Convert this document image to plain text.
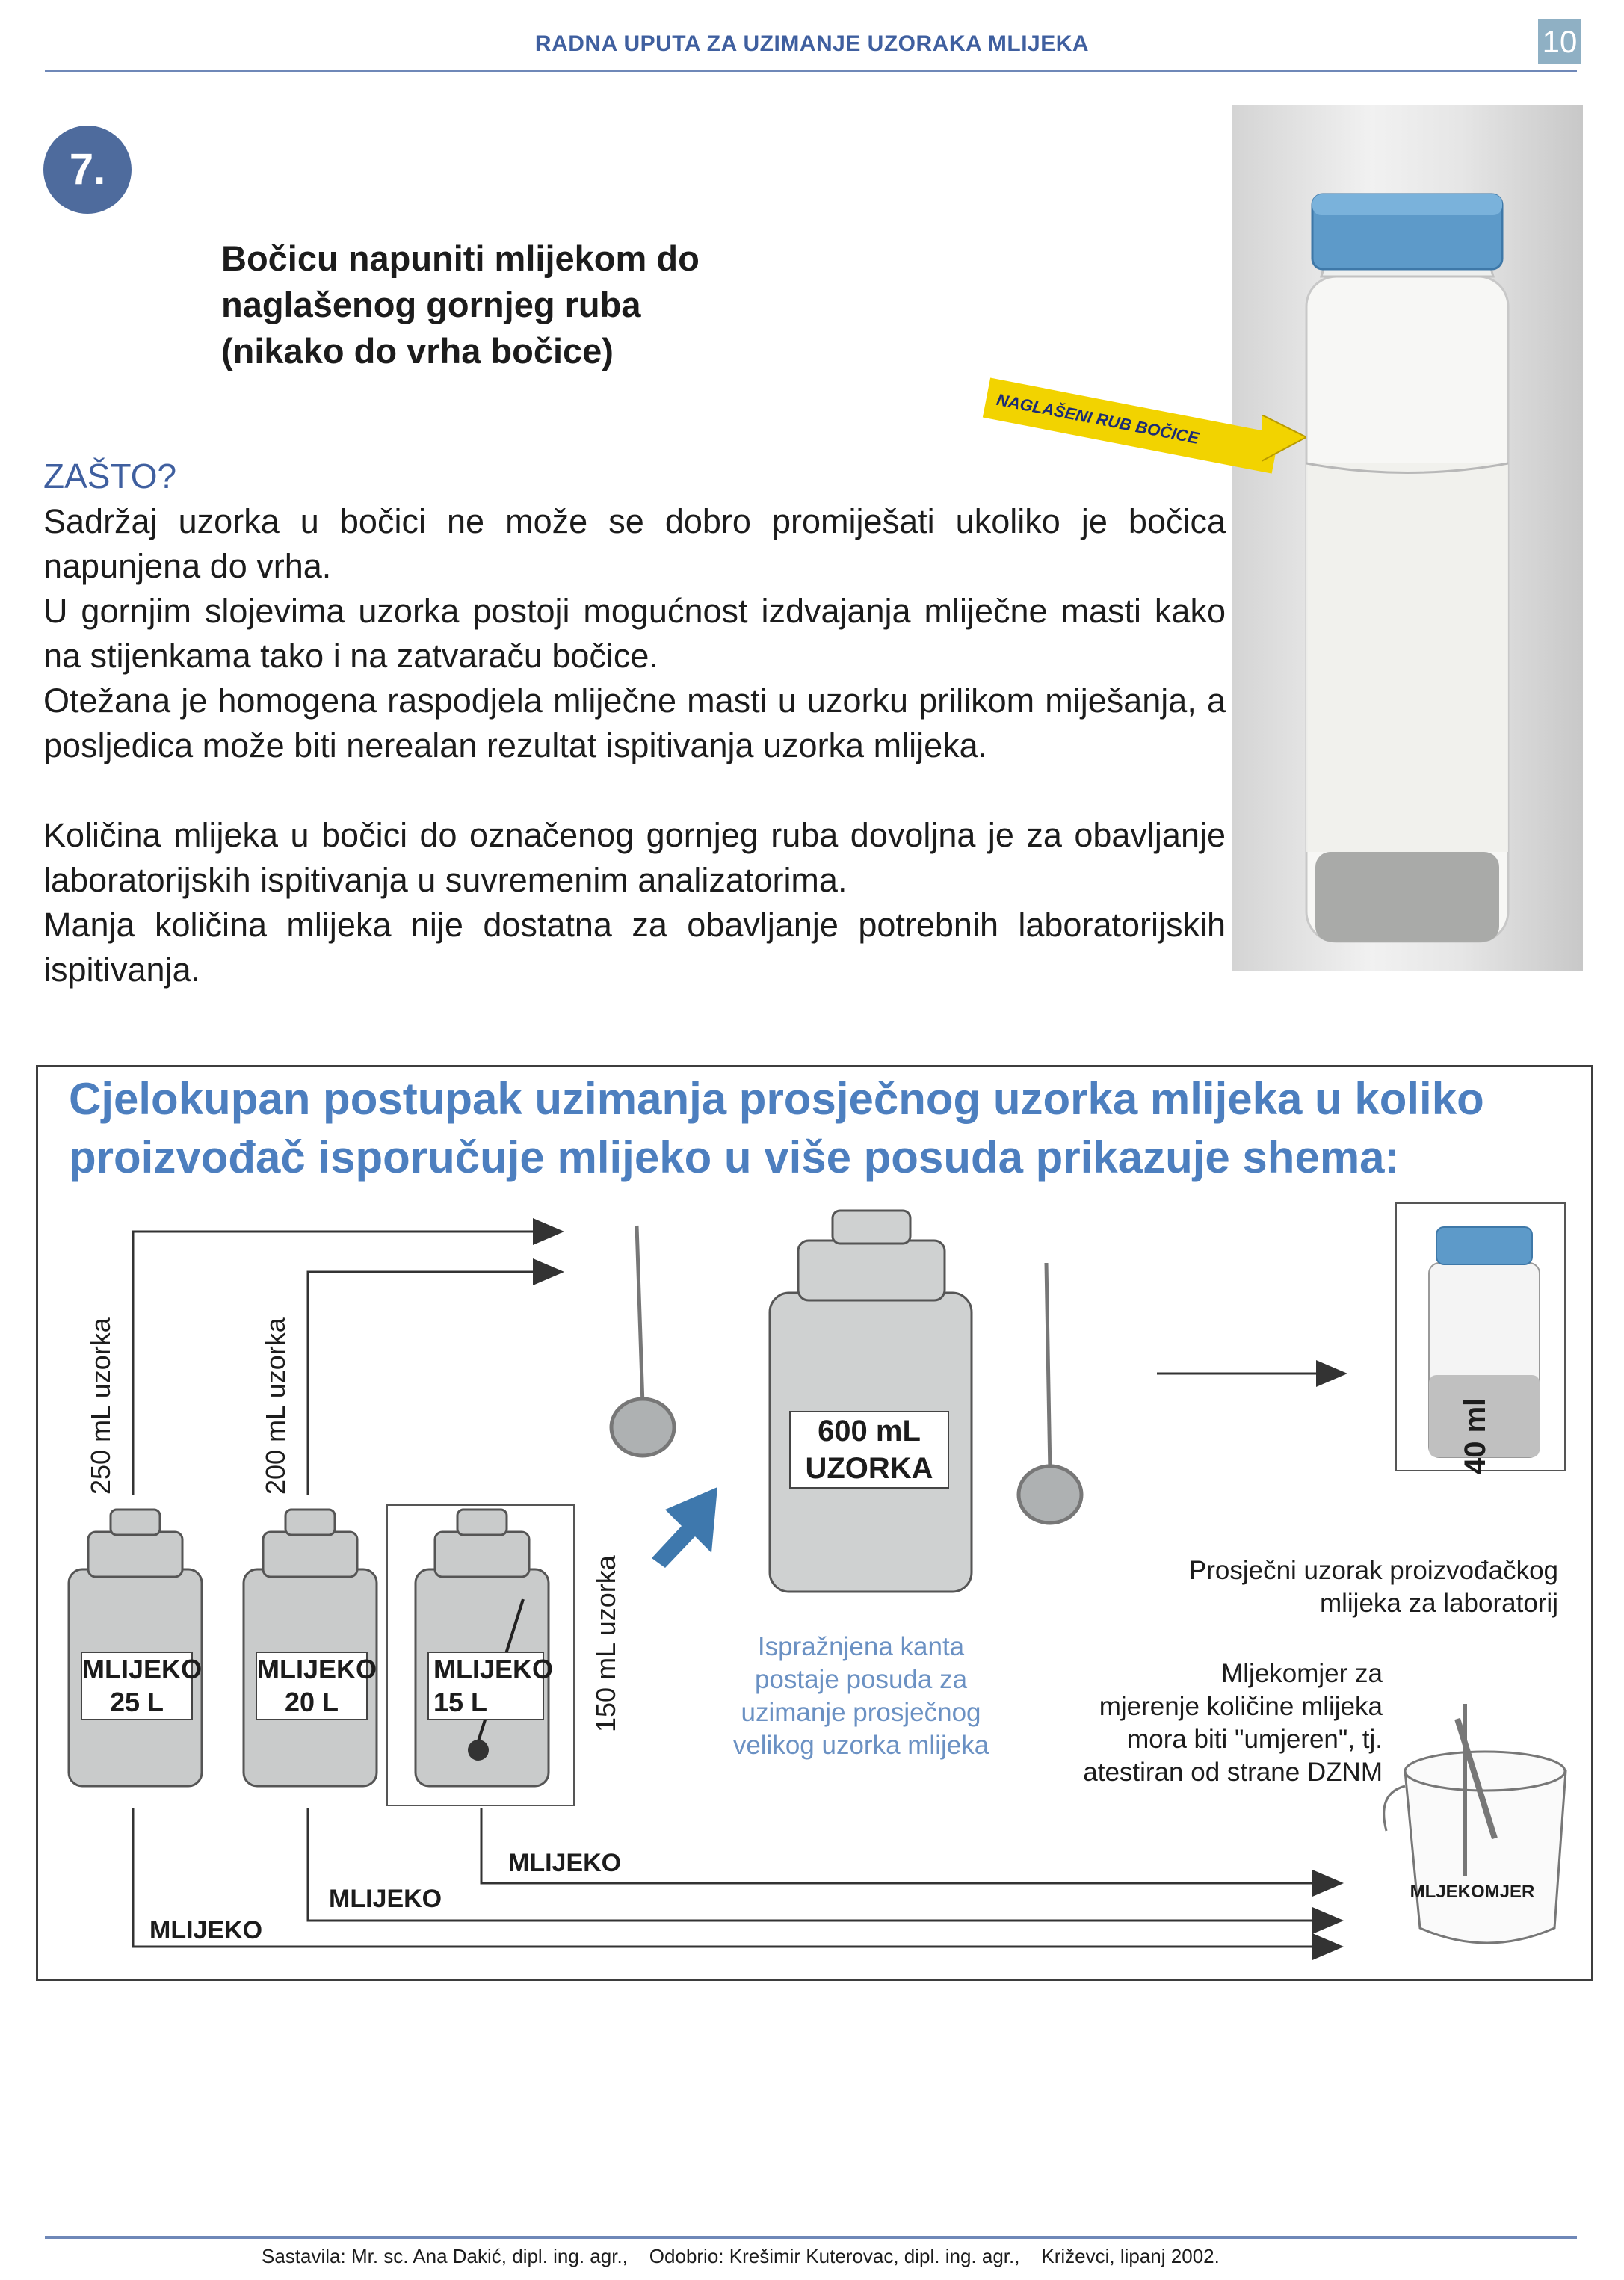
RADNA UPUTA ZA UZIMANJE UZORAKA MLIJEKA	10
7.
Bočicu napuniti mlijekom do
naglašenog gornjeg ruba
(nikako do vrha bočice)
NAGLAŠENI RUB BOČICE
ZAŠTO?
Sadržaj uzorka u bočici ne može se dobro promiješati ukoliko je bočica napunjena do vrha.
U gornjim slojevima uzorka postoji mogućnost izdvajanja mliječne masti kako na stijenkama tako i na zatvaraču bočice.
Otežana je homogena raspodjela mliječne masti u uzorku prilikom miješanja, a posljedica može biti nerealan rezultat ispitivanja uzorka mlijeka.
Količina mlijeka u bočici do označenog gornjeg ruba dovoljna je za obavljanje laboratorijskih ispitivanja u suvremenim analizatorima.
Manja količina mlijeka nije dostatna za obavljanje potrebnih laboratorijskih ispitivanja.
Cjelokupan postupak uzimanja prosječnog uzorka mlijeka u koliko proizvođač isporučuje mlijeko u više posuda prikazuje shema:
250 mL uzorka	200 mL uzorka
150 mL uzorka
40 ml
MLIJEKO
25 L
MLIJEKO
20 L
MLIJEKO
15 L
600 mL
UZORKA
Prosječni uzorak proizvođačkog
mlijeka za laboratorij
Ispražnjena kanta
postaje posuda za
uzimanje prosječnog
velikog uzorka mlijeka
Mljekomjer za
mjerenje količine mlijeka
mora biti "umjeren", tj.
atestiran od strane DZNM
MLIJEKO
MLIJEKO
MLIJEKO
MLJEKOMJER
Sastavila: Mr. sc. Ana Dakić, dipl. ing. agr., Odobrio: Krešimir Kuterovac, dipl. ing. agr., Križevci, lipanj 2002.
